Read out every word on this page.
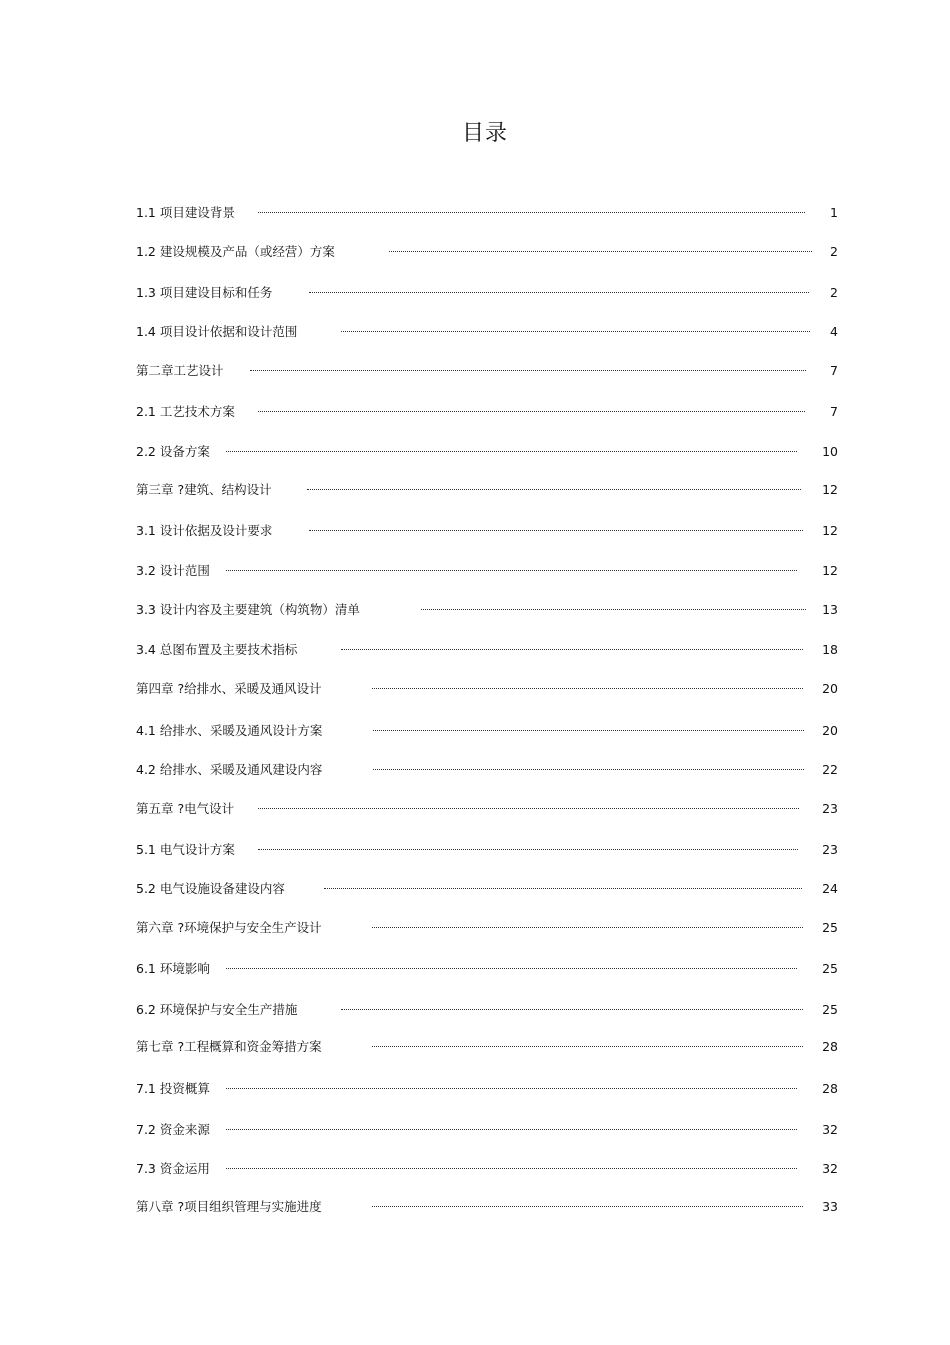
目录
1.1 项目建设背景	1
1.2 建设规模及产品（或经营）方案	2
1.3 项目建设目标和任务	2
1.4 项目设计依据和设计范围	4
第二章工艺设计	7
2.1 工艺技术方案	7
2.2 设备方案	10
第三章 ?建筑、结构设计	12
3.1 设计依据及设计要求	12
3.2 设计范围	12
3.3 设计内容及主要建筑（构筑物）清单	13
3.4 总图布置及主要技术指标	18
第四章 ?给排水、采暖及通风设计	20
4.1 给排水、采暖及通风设计方案	20
4.2 给排水、采暖及通风建设内容	22
第五章 ?电气设计	23
5.1 电气设计方案	23
5.2 电气设施设备建设内容	24
第六章 ?环境保护与安全生产设计	25
6.1 环境影响	25
6.2 环境保护与安全生产措施	25
第七章 ?工程概算和资金筹措方案	28
7.1 投资概算	28
7.2 资金来源	32
7.3 资金运用	32
第八章 ?项目组织管理与实施进度	33
